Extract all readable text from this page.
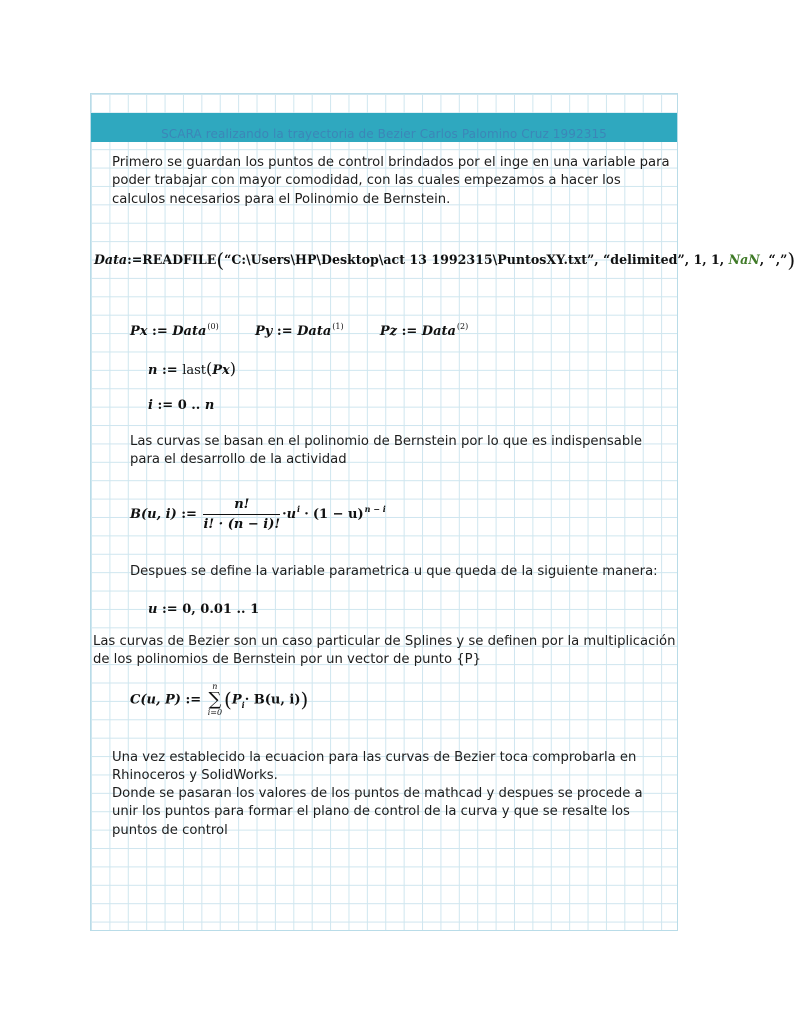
SCARA realizando la trayectoria de Bezier Carlos Palomino Cruz 1992315

Primero se guardan los puntos de control brindados por el inge en una variable para poder trabajar con mayor comodidad, con las cuales empezamos a hacer los calculos necesarios para el Polinomio de Bernstein.

Data:=READFILE(“C:\Users\HP\Desktop\act 13 1992315\PuntosXY.txt”, “delimited”, 1, 1, NaN, “,”)
Px := Data$^{(0)}$	Py := Data$^{(1)}$	Pz := Data$^{(2)}$
n := last(Px)
i := 0 .. n

Las curvas se basan en el polinomio de Bernstein por lo que es indispensable para el desarrollo de la actividad

B(u, i) := $\frac{n!}{i! \cdot (n - i)!} \cdot u^i \cdot (1 - u)^{n - i}$

Despues se define la variable parametrica u que queda de la siguiente manera:

u := 0, 0.01 .. 1

Las curvas de Bezier son un caso particular de Splines y se definen por la multiplicación de los polinomios de Bernstein por un vector de punto {P}

C(u, P) :=
n
∑
i=0
($P_i\cdot B(u$, i))

Una vez establecido la ecuacion para las curvas de Bezier toca comprobarla en Rhinoceros y SolidWorks.

Donde se pasaran los valores de los puntos de mathcad y despues se procede a unir los puntos para formar el plano de control de la curva y que se resalte los puntos de control
